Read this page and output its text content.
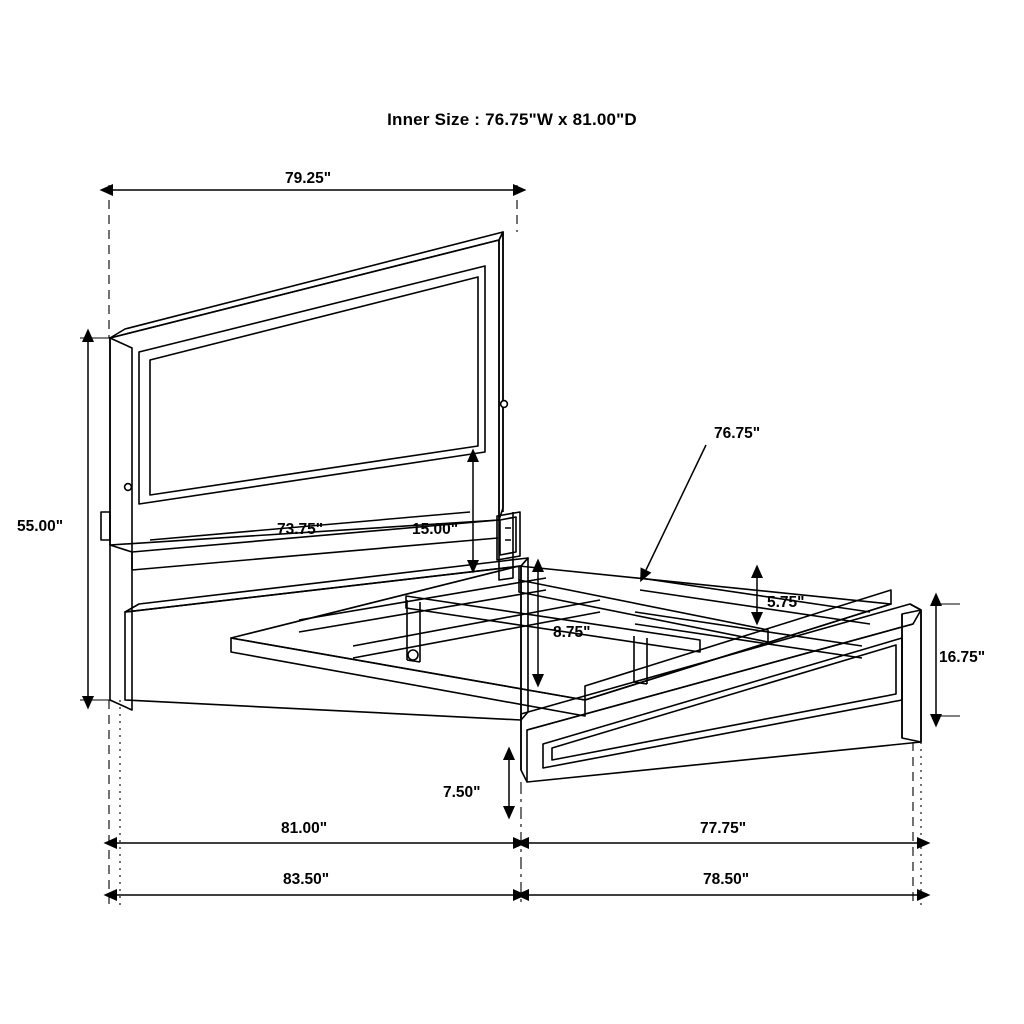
Inner Size : 76.75"W x 81.00"D
79.25"
55.00"	73.75"	15.00"
76.75"
5.75"
8.75"
16.75"
7.50"
81.00"	77.75"
83.50"	78.50"
